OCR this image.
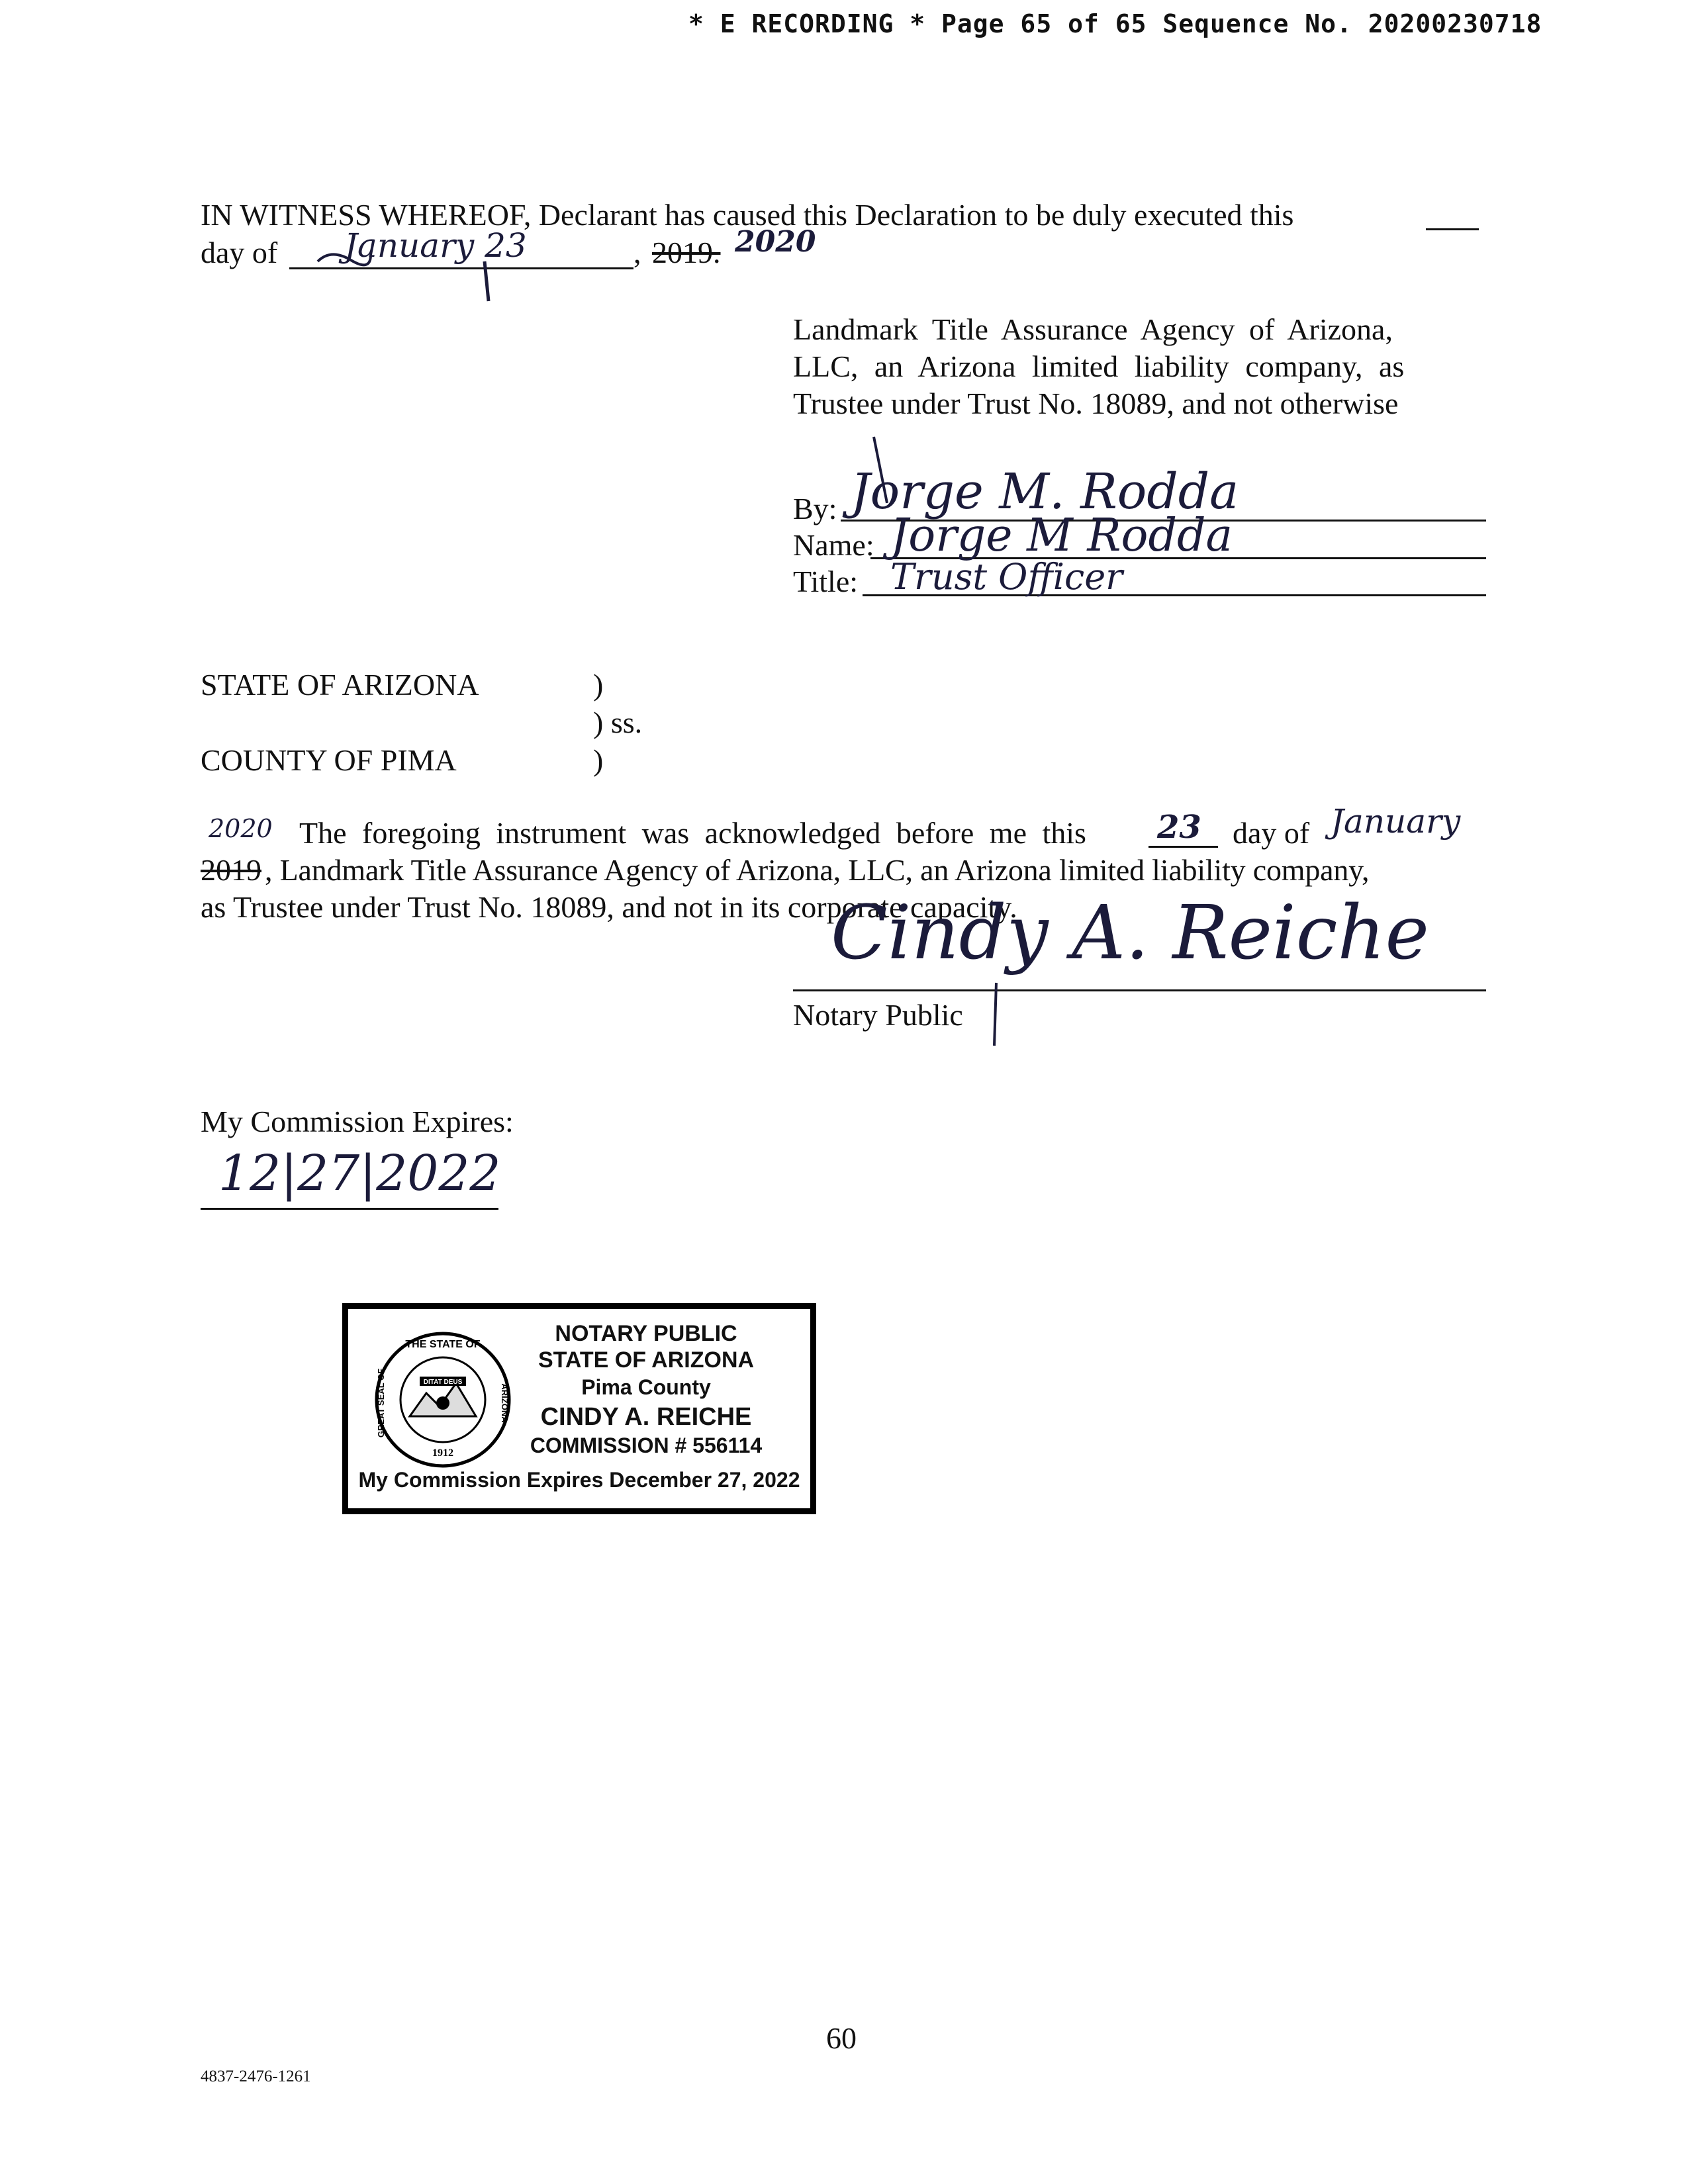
* E RECORDING * Page 65 of 65 Sequence No. 20200230718
IN WITNESS WHEREOF, Declarant has caused this Declaration to be duly executed this
day of January 23	, 2019. 2020
Landmark Title Assurance Agency of Arizona,
LLC, an Arizona limited liability company, as
Trustee under Trust No. 18089, and not otherwise
By: Jorge M. Rodda
Name: Jorge M Rodda
Title: Trust Officer
STATE OF ARIZONA	)
) ss.
COUNTY OF PIMA	)
2020 The foregoing instrument was acknowledged before me this 23 day of January
2019 , Landmark Title Assurance Agency of Arizona, LLC, an Arizona limited liability company,
as Trustee under Trust No. 18089, and not in its corporate capacity.
Cindy A. Reiche
Notary Public
My Commission Expires:
12|27|2022
THE STATE OF
GREAT SEAL OF	ARIZONA
DITAT DEUS
1912
NOTARY PUBLIC
STATE OF ARIZONA
Pima County
CINDY A. REICHE
COMMISSION # 556114
My Commission Expires December 27, 2022
60
4837-2476-1261
